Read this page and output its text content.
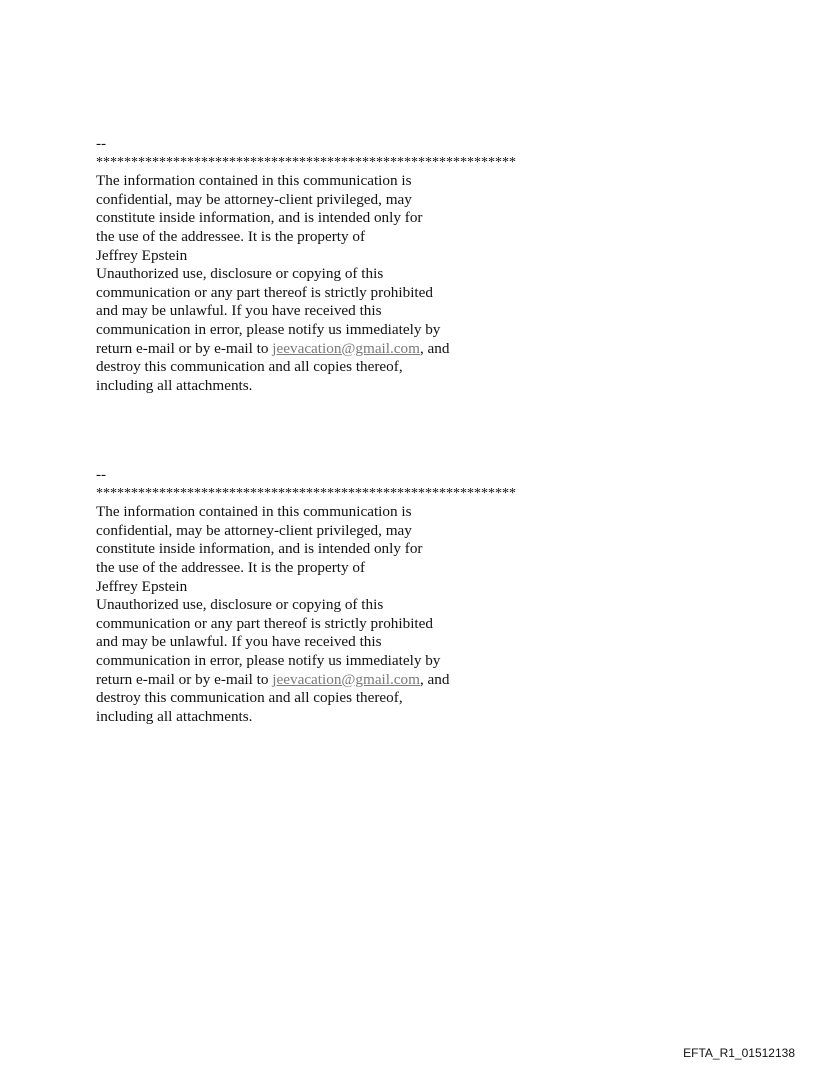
--
************************************************************
The information contained in this communication is
confidential, may be attorney-client privileged, may
constitute inside information, and is intended only for
the use of the addressee. It is the property of
Jeffrey Epstein
Unauthorized use, disclosure or copying of this
communication or any part thereof is strictly prohibited
and may be unlawful. If you have received this
communication in error, please notify us immediately by
return e-mail or by e-mail to jeevacation@gmail.com, and
destroy this communication and all copies thereof,
including all attachments.
--
************************************************************
The information contained in this communication is
confidential, may be attorney-client privileged, may
constitute inside information, and is intended only for
the use of the addressee. It is the property of
Jeffrey Epstein
Unauthorized use, disclosure or copying of this
communication or any part thereof is strictly prohibited
and may be unlawful. If you have received this
communication in error, please notify us immediately by
return e-mail or by e-mail to jeevacation@gmail.com, and
destroy this communication and all copies thereof,
including all attachments.
EFTA_R1_01512138
